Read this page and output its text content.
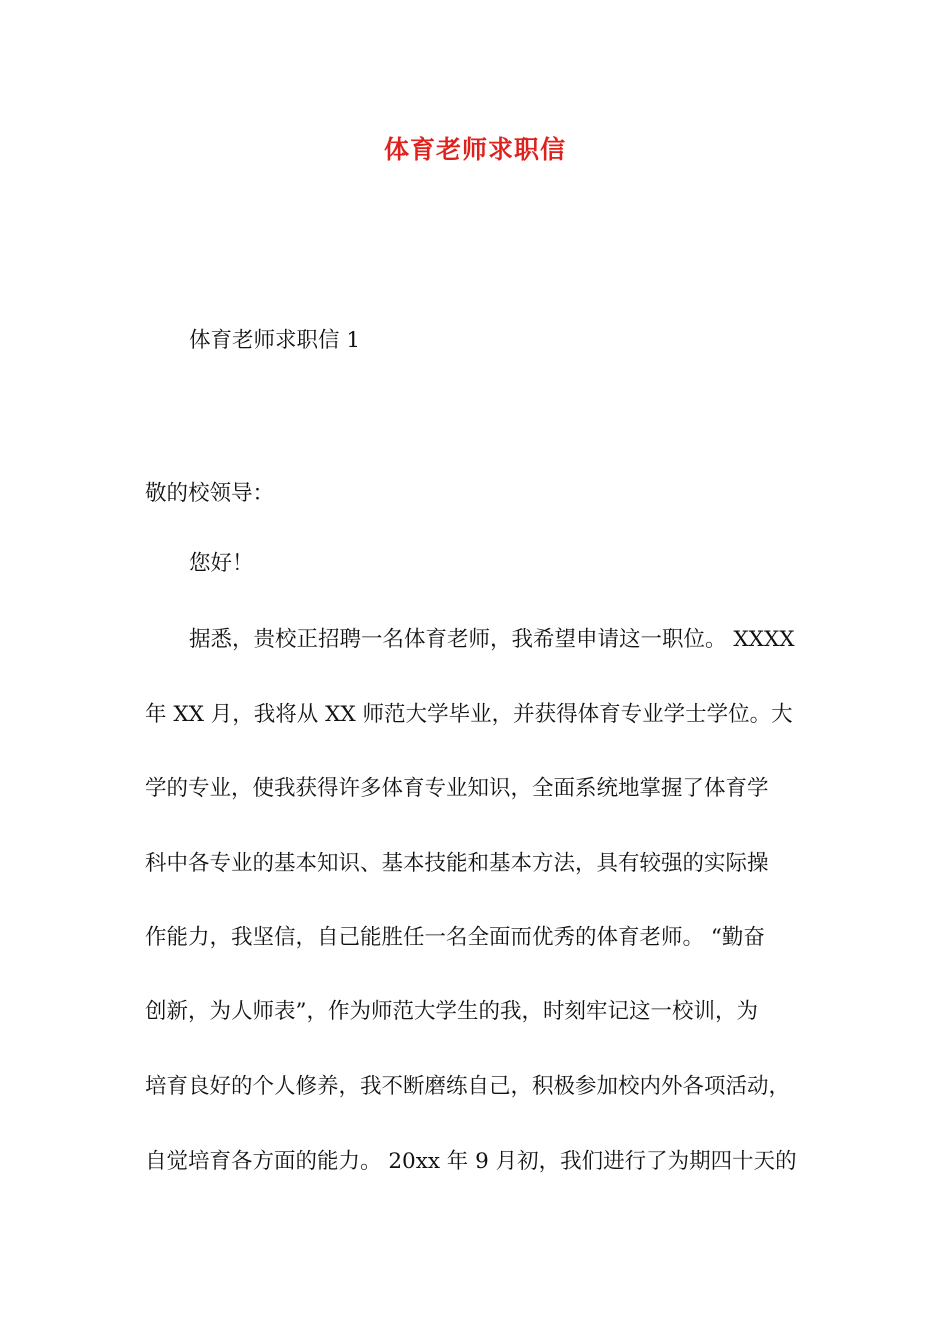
体育老师求职信
体育老师求职信 1
敬的校领导：
您好！
据悉，贵校正招聘一名体育老师，我希望申请这一职位。 XXXX
年 XX 月，我将从 XX 师范大学毕业，并获得体育专业学士学位。大
学的专业，使我获得许多体育专业知识，全面系统地掌握了体育学
科中各专业的基本知识、基本技能和基本方法，具有较强的实际操
作能力，我坚信，自己能胜任一名全面而优秀的体育老师。 “勤奋
创新，为人师表”，作为师范大学生的我，时刻牢记这一校训，为
培育良好的个人修养，我不断磨练自己，积极参加校内外各项活动，
自觉培育各方面的能力。 20xx 年 9 月初，我们进行了为期四十天的
